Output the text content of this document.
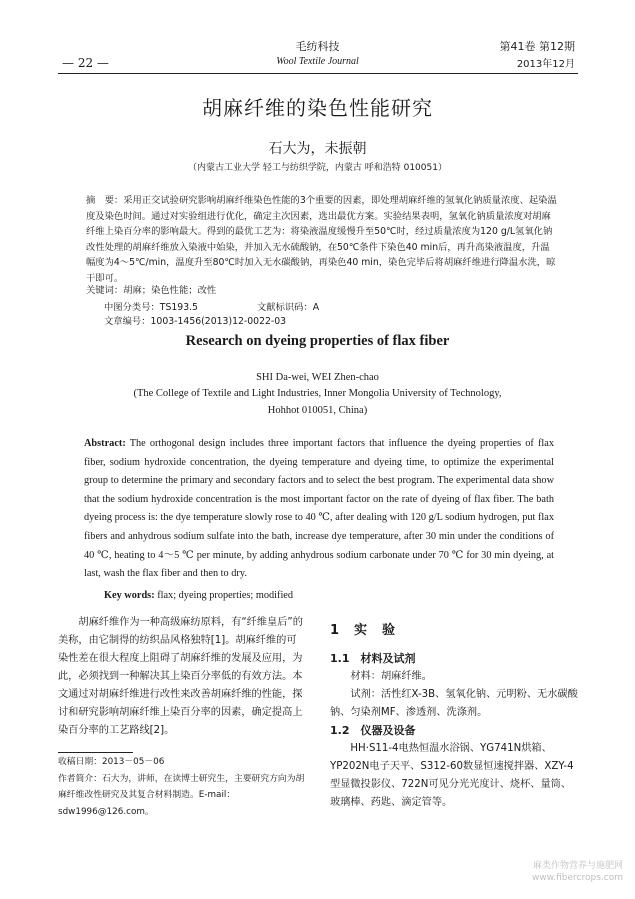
— 22 —
毛纺科技
Wool Textile Journal
第41卷 第12期
2013年12月
胡麻纤维的染色性能研究
石大为，未振朝
（内蒙古工业大学 轻工与纺织学院，内蒙古 呼和浩特 010051）

摘　要：采用正交试验研究影响胡麻纤维染色性能的3个重要的因素，即处理胡麻纤维的氢氧化钠质量浓度、起染温度及染色时间。通过对实验组进行优化，确定主次因素，选出最优方案。实验结果表明，氢氧化钠质量浓度对胡麻纤维上染百分率的影响最大。得到的最优工艺为：将染液温度缓慢升至50℃时，经过质量浓度为120 g/L氢氧化钠改性处理的胡麻纤维放入染液中始染，并加入无水硫酸钠，在50℃条件下染色40 min后，再升高染液温度，升温幅度为4～5℃/min，温度升至80℃时加入无水碳酸钠，再染色40 min，染色完毕后将胡麻纤维进行降温水洗，晾干即可。

关键词：胡麻；染色性能；改性
中图分类号：TS193.5	文献标识码：A 文章编号：1003-1456(2013)12-0022-03
Research on dyeing properties of flax fiber
SHI Da-wei, WEI Zhen-chao
(The College of Textile and Light Industries, Inner Mongolia University of Technology,
Hohhot 010051, China)
Abstract: The orthogonal design includes three important factors that influence the dyeing properties of flax fiber, sodium hydroxide concentration, the dyeing temperature and dyeing time, to optimize the experimental group to determine the primary and secondary factors and to select the best program. The experimental data show that the sodium hydroxide concentration is the most important factor on the rate of dyeing of flax fiber. The bath dyeing process is: the dye temperature slowly rose to 40 ℃, after dealing with 120 g/L sodium hydrogen, put flax fibers and anhydrous sodium sulfate into the bath, increase dye temperature, after 30 min under the conditions of 40 ℃, heating to 4～5 ℃ per minute, by adding anhydrous sodium carbonate under 70 ℃ for 30 min dyeing, at last, wash the flax fiber and then to dry.
Key words: flax; dyeing properties; modified

胡麻纤维作为一种高级麻纺原料，有“纤维皇后”的美称，由它制得的纺织品风格独特[1]。胡麻纤维的可染性差在很大程度上阻碍了胡麻纤维的发展及应用，为此，必须找到一种解决其上染百分率低的有效方法。本文通过对胡麻纤维进行改性来改善胡麻纤维的性能，探讨和研究影响胡麻纤维上染百分率的因素，确定提高上染百分率的工艺路线[2]。

收稿日期：2013－05－06
作者简介：石大为，讲师，在读博士研究生，主要研究方向为胡麻纤维改性研究及其复合材料制造。E-mail：sdw1996@126.com。
1　实　验
1.1　材料及试剂

材料：胡麻纤维。

试剂：活性红X-3B、氢氧化钠、元明粉、无水碳酸钠、匀染剂MF、渗透剂、洗涤剂。

1.2　仪器及设备

HH·S11-4电热恒温水浴锅、YG741N烘箱、YP202N电子天平、S312-60数显恒速搅拌器、XZY-4型显微投影仪、722N可见分光光度计、烧杯、量筒、玻璃棒、药匙、滴定管等。

麻类作物营养与施肥网
www.fibercrops.com
